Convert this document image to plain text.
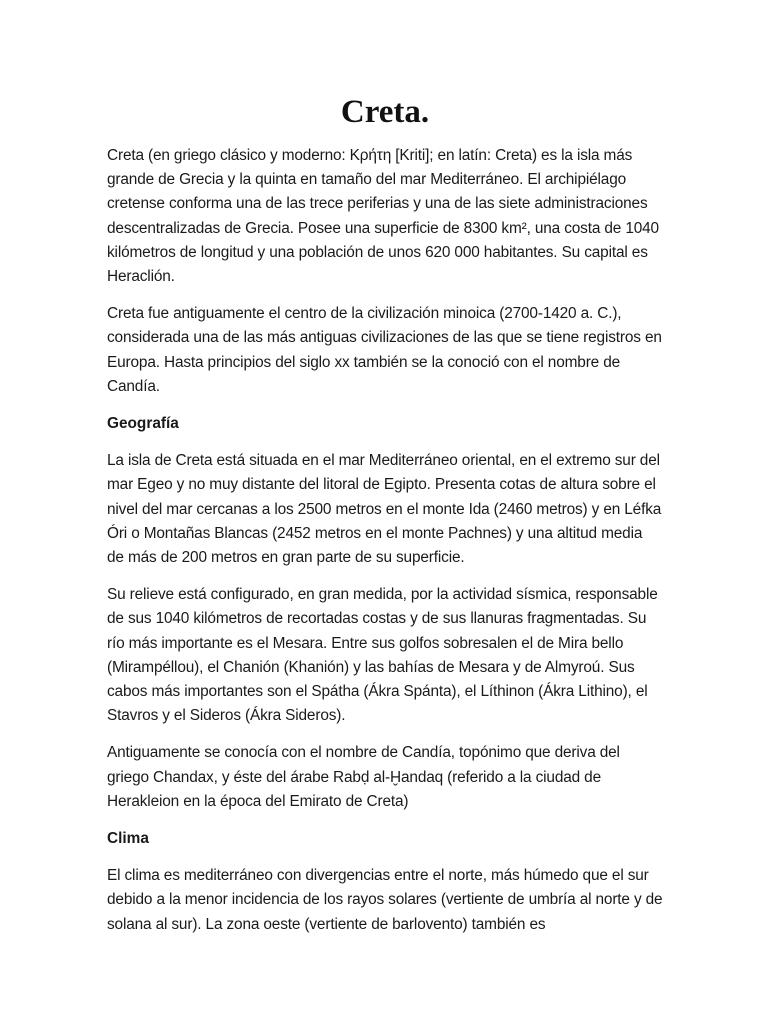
Creta.

Creta (en griego clásico y moderno: Κρήτη [Kriti]; en latín: Creta) es la isla más grande de Grecia y la quinta en tamaño del mar Mediterráneo. El archipiélago cretense conforma una de las trece periferias y una de las siete administraciones descentralizadas de Grecia. Posee una superficie de 8300 km², una costa de 1040 kilómetros de longitud y una población de unos 620 000 habitantes. Su capital es Heraclión.

Creta fue antiguamente el centro de la civilización minoica (2700-1420 a. C.), considerada una de las más antiguas civilizaciones de las que se tiene registros en Europa. Hasta principios del siglo xx también se la conoció con el nombre de Candía.

Geografía

La isla de Creta está situada en el mar Mediterráneo oriental, en el extremo sur del mar Egeo y no muy distante del litoral de Egipto. Presenta cotas de altura sobre el nivel del mar cercanas a los 2500 metros en el monte Ida (2460 metros) y en Léfka Óri o Montañas Blancas (2452 metros en el monte Pachnes) y una altitud media de más de 200 metros en gran parte de su superficie.

Su relieve está configurado, en gran medida, por la actividad sísmica, responsable de sus 1040 kilómetros de recortadas costas y de sus llanuras fragmentadas. Su río más importante es el Mesara. Entre sus golfos sobresalen el de Mira bello (Mirampéllou), el Chanión (Khanión) y las bahías de Mesara y de Almyroú. Sus cabos más importantes son el Spátha (Ákra Spánta), el Líthinon (Ákra Lithino), el Stavros y el Sideros (Ákra Sideros).

Antiguamente se conocía con el nombre de Candía, topónimo que deriva del griego Chandax, y éste del árabe Rabḍ al-Ḫandaq (referido a la ciudad de Herakleion en la época del Emirato de Creta)

Clima

El clima es mediterráneo con divergencias entre el norte, más húmedo que el sur debido a la menor incidencia de los rayos solares (vertiente de umbría al norte y de solana al sur). La zona oeste (vertiente de barlovento) también es
